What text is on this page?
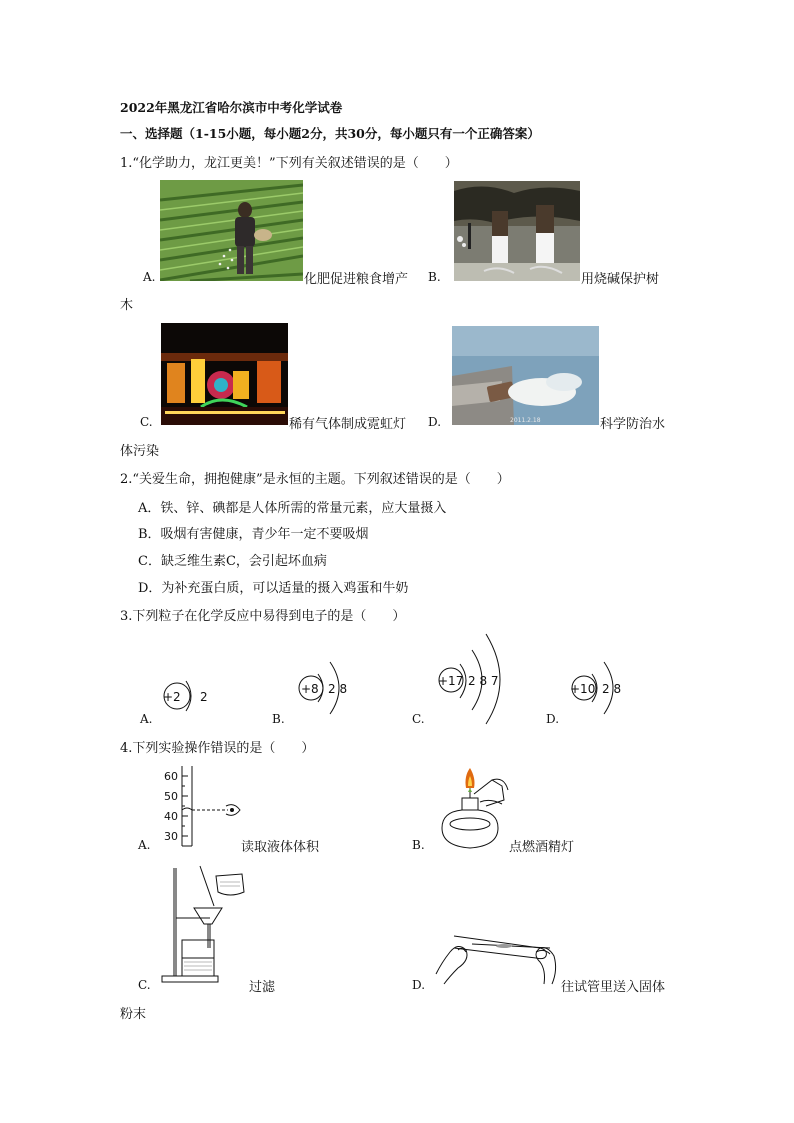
2022年黑龙江省哈尔滨市中考化学试卷
一、选择题（1-15小题，每小题2分，共30分，每小题只有一个正确答案）
1.“化学助力，龙江更美！”下列有关叙述错误的是（　　）
A.	化肥促进粮食增产 B.	用烧碱保护树
木
C.	稀有气体制成霓虹灯	2011.2.18
D.	科学防治水
体污染
2.“关爱生命，拥抱健康”是永恒的主题。下列叙述错误的是（　　）
A．铁、锌、碘都是人体所需的常量元素，应大量摄入
B．吸烟有害健康，青少年一定不要吸烟
C．缺乏维生素C，会引起坏血病
D．为补充蛋白质，可以适量的摄入鸡蛋和牛奶
3.下列粒子在化学反应中易得到电子的是（　　）
+2 2
+8 2 8
+17 2 8 7
+10 2 8
A.	B.	C.	D.
4.下列实验操作错误的是（　　）
60
50
40
30
A.	读取液体体积	B.	点燃酒精灯
C.	过滤	D.	往试管里送入固体
粉末
